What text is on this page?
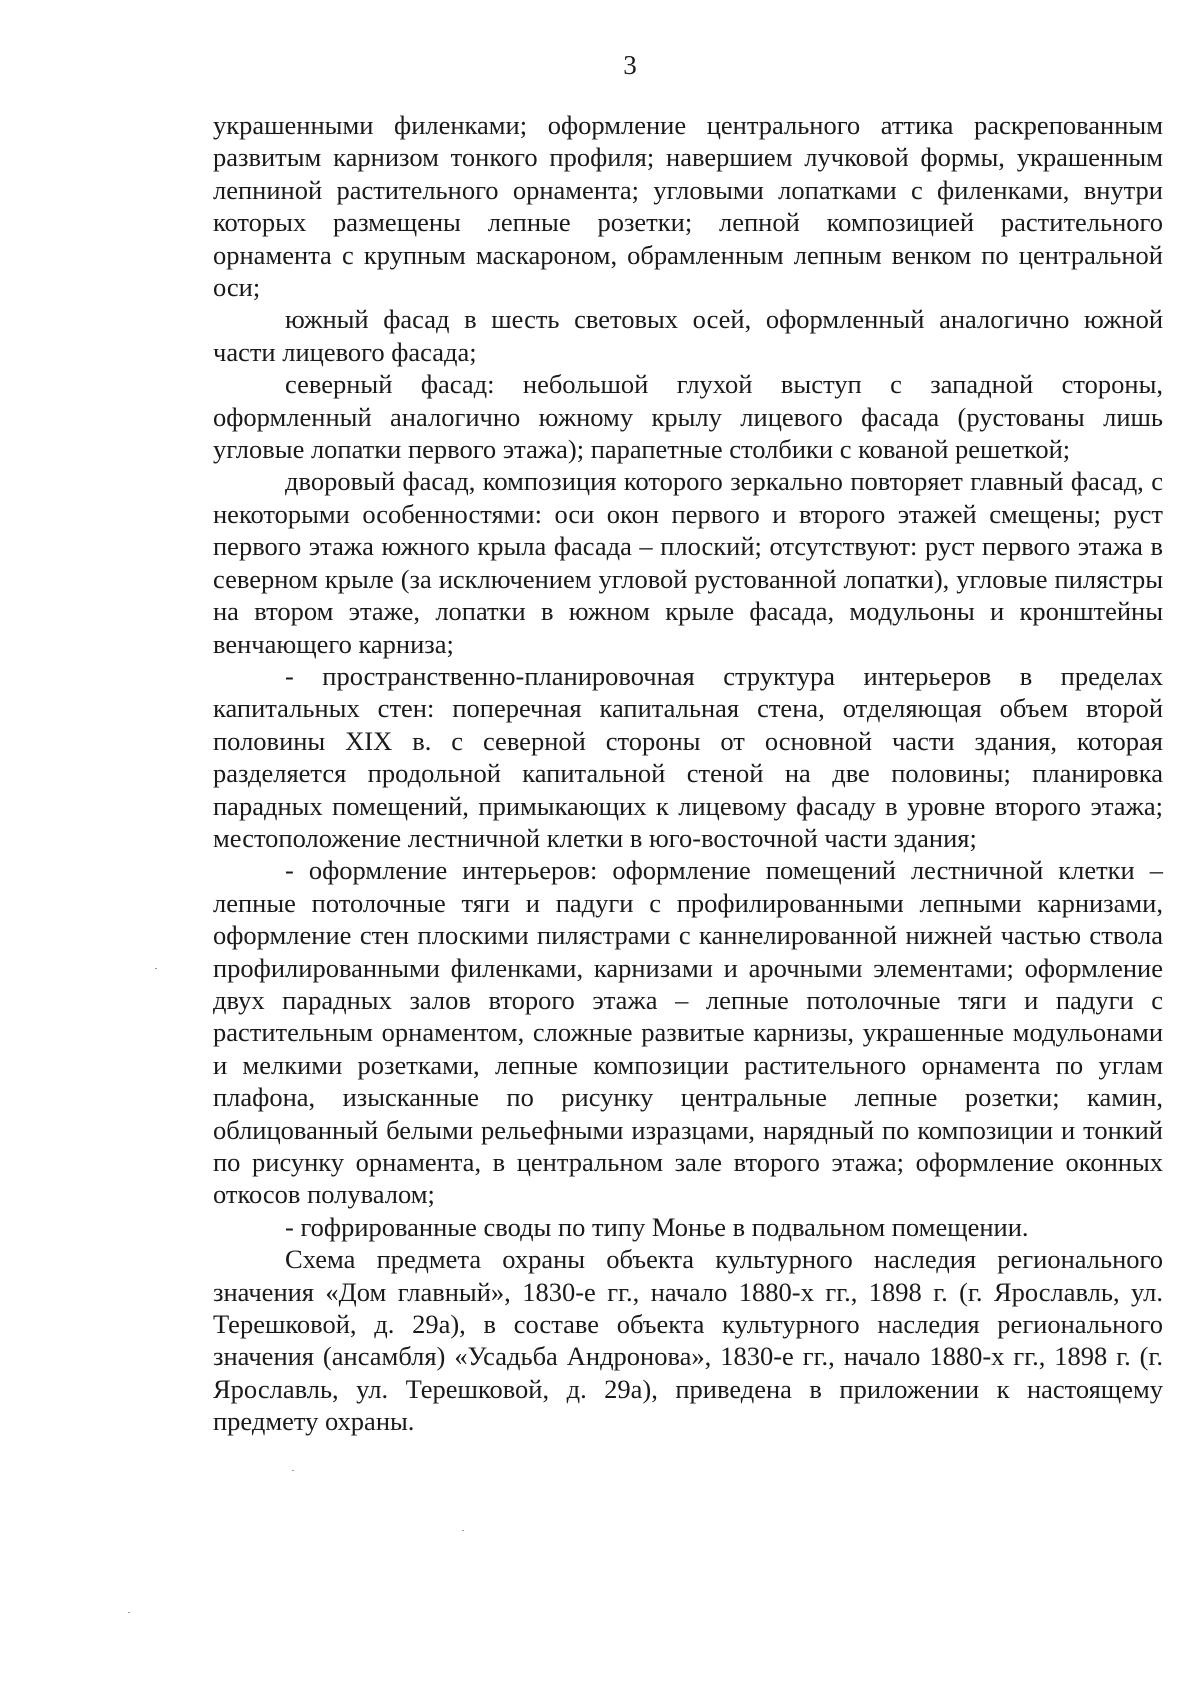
3

украшенными филенками; оформление центрального аттика раскрепованным развитым карнизом тонкого профиля; навершием лучковой формы, украшенным лепниной растительного орнамента; угловыми лопатками с филенками, внутри которых размещены лепные розетки; лепной композицией растительного орнамента с крупным маскароном, обрамленным лепным венком по центральной оси;

южный фасад в шесть световых осей, оформленный аналогично южной части лицевого фасада;

северный фасад: небольшой глухой выступ с западной стороны, оформленный аналогично южному крылу лицевого фасада (рустованы лишь угловые лопатки первого этажа); парапетные столбики с кованой решеткой;

дворовый фасад, композиция которого зеркально повторяет главный фасад, с некоторыми особенностями: оси окон первого и второго этажей смещены; руст первого этажа южного крыла фасада – плоский; отсутствуют: руст первого этажа в северном крыле (за исключением угловой рустованной лопатки), угловые пилястры на втором этаже, лопатки в южном крыле фасада, модульоны и кронштейны венчающего карниза;

- пространственно-планировочная структура интерьеров в пределах капитальных стен: поперечная капитальная стена, отделяющая объем второй половины XIX в. с северной стороны от основной части здания, которая разделяется продольной капитальной стеной на две половины; планировка парадных помещений, примыкающих к лицевому фасаду в уровне второго этажа; местоположение лестничной клетки в юго-восточной части здания;

- оформление интерьеров: оформление помещений лестничной клетки – лепные потолочные тяги и падуги с профилированными лепными карнизами, оформление стен плоскими пилястрами с каннелированной нижней частью ствола профилированными филенками, карнизами и арочными элементами; оформление двух парадных залов второго этажа – лепные потолочные тяги и падуги с растительным орнаментом, сложные развитые карнизы, украшенные модульонами и мелкими розетками, лепные композиции растительного орнамента по углам плафона, изысканные по рисунку центральные лепные розетки; камин, облицованный белыми рельефными изразцами, нарядный по композиции и тонкий по рисунку орнамента, в центральном зале второго этажа; оформление оконных откосов полувалом;

- гофрированные своды по типу Монье в подвальном помещении.

Схема предмета охраны объекта культурного наследия регионального значения «Дом главный», 1830-е гг., начало 1880-х гг., 1898 г. (г. Ярославль, ул. Терешковой, д. 29а), в составе объекта культурного наследия регионального значения (ансамбля) «Усадьба Андронова», 1830-е гг., начало 1880-х гг., 1898 г. (г. Ярославль, ул. Терешковой, д. 29а), приведена в приложении к настоящему предмету охраны.
